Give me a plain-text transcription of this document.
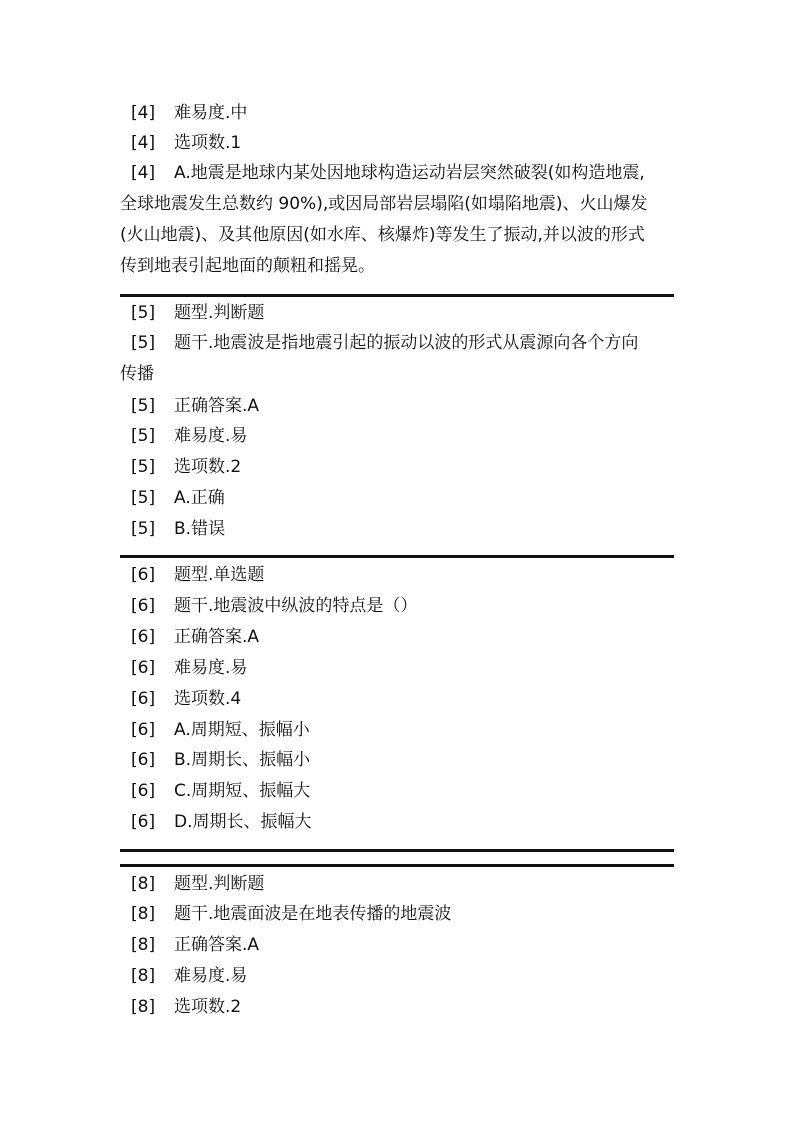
[4] 难易度.中
[4] 选项数.1
[4] A.地震是地球内某处因地球构造运动岩层突然破裂(如构造地震,
全球地震发生总数约 90%),或因局部岩层塌陷(如塌陷地震)、火山爆发
(火山地震)、及其他原因(如水库、核爆炸)等发生了振动,并以波的形式
传到地表引起地面的颠粈和摇晃。
[5] 题型.判断题
[5] 题干.地震波是指地震引起的振动以波的形式从震源向各个方向
传播
[5] 正确答案.A
[5] 难易度.易
[5] 选项数.2
[5] A.正确
[5] B.错误
[6] 题型.单选题
[6] 题干.地震波中纵波的特点是（）
[6] 正确答案.A
[6] 难易度.易
[6] 选项数.4
[6] A.周期短、振幅小
[6] B.周期长、振幅小
[6] C.周期短、振幅大
[6] D.周期长、振幅大
[8] 题型.判断题
[8] 题干.地震面波是在地表传播的地震波
[8] 正确答案.A
[8] 难易度.易
[8] 选项数.2
